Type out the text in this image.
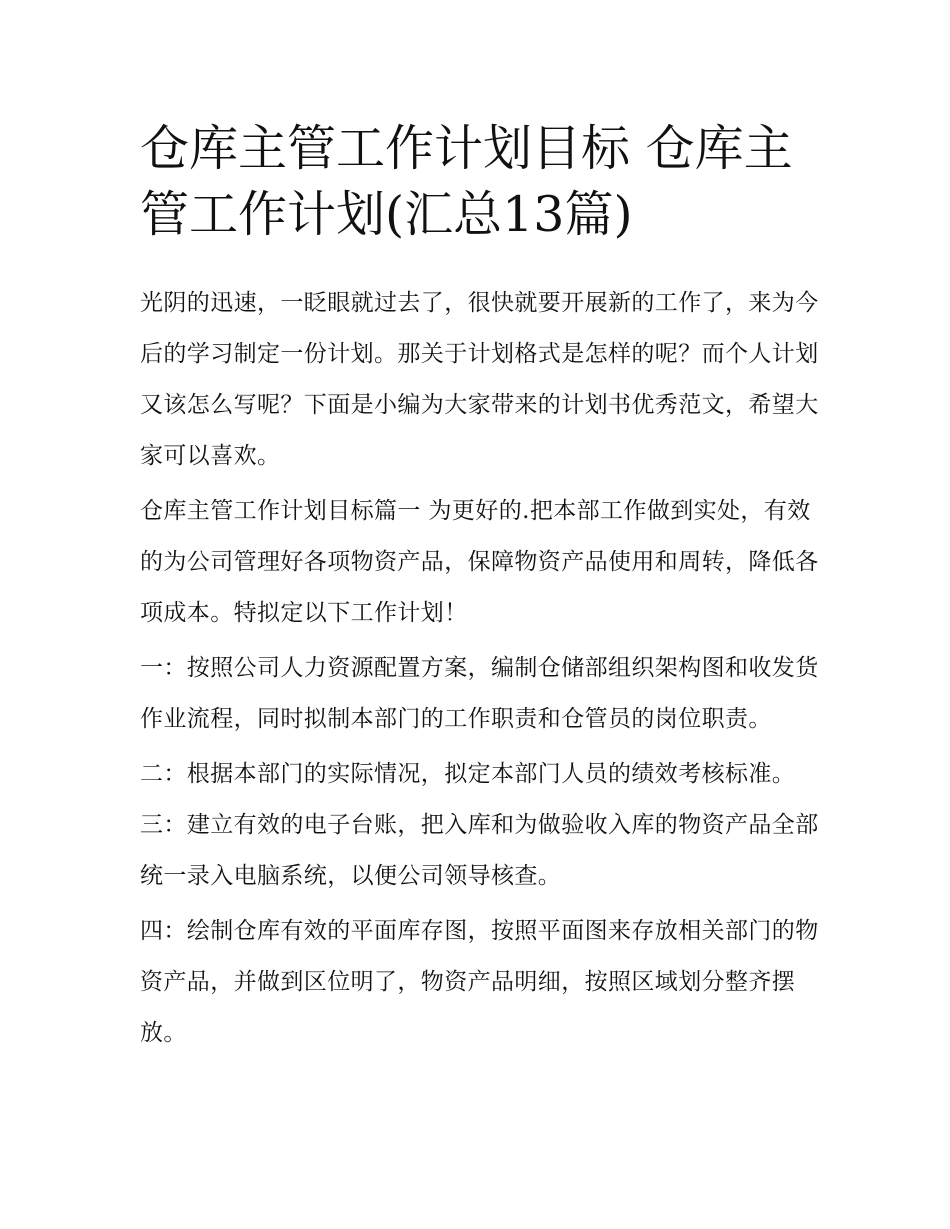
仓库主管工作计划目标 仓库主管工作计划(汇总13篇)

光阴的迅速，一眨眼就过去了，很快就要开展新的工作了，来为今后的学习制定一份计划。那关于计划格式是怎样的呢？而个人计划又该怎么写呢？下面是小编为大家带来的计划书优秀范文，希望大家可以喜欢。

仓库主管工作计划目标篇一 为更好的.把本部工作做到实处，有效的为公司管理好各项物资产品，保障物资产品使用和周转，降低各项成本。特拟定以下工作计划！

一：按照公司人力资源配置方案，编制仓储部组织架构图和收发货作业流程，同时拟制本部门的工作职责和仓管员的岗位职责。

二：根据本部门的实际情况，拟定本部门人员的绩效考核标准。 三：建立有效的电子台账，把入库和为做验收入库的物资产品全部统一录入电脑系统，以便公司领导核查。

四：绘制仓库有效的平面库存图，按照平面图来存放相关部门的物资产品，并做到区位明了，物资产品明细，按照区域划分整齐摆放。
